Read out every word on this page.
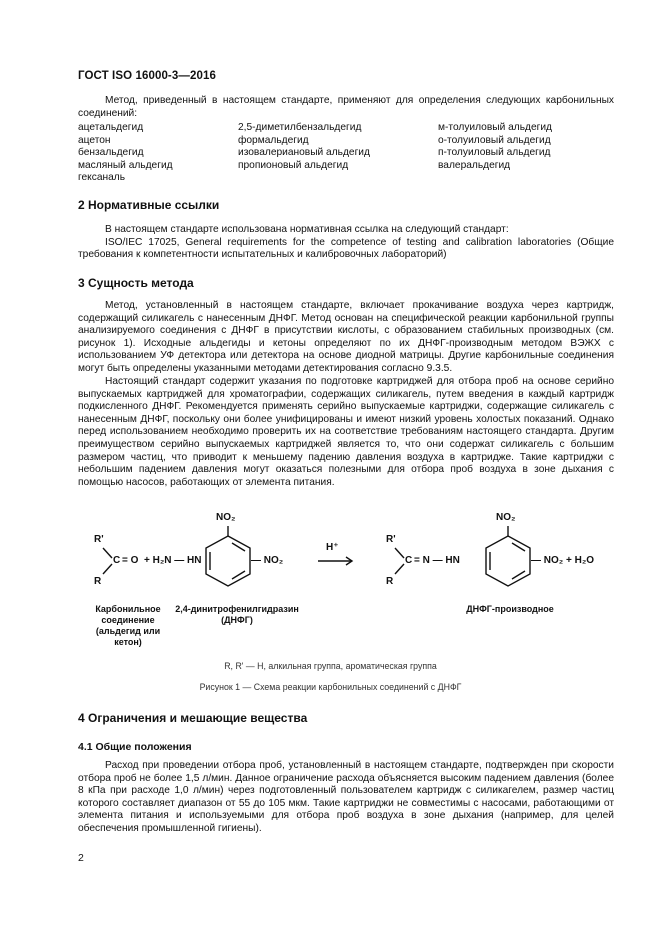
ГОСТ ISO 16000-3—2016
Метод, приведенный в настоящем стандарте, применяют для определения следующих карбонильных соединений:
ацетальдегид
ацетон
бензальдегид
масляный альдегид
гексаналь
2,5-диметилбензальдегид
формальдегид
изовалериановый альдегид
пропионовый альдегид
м-толуиловый альдегид
о-толуиловый альдегид
п-толуиловый альдегид
валеральдегид
2 Нормативные ссылки
В настоящем стандарте использована нормативная ссылка на следующий стандарт:
ISO/IEC 17025, General requirements for the competence of testing and calibration laboratories (Общие требования к компетентности испытательных и калибровочных лабораторий)
3 Сущность метода
Метод, установленный в настоящем стандарте, включает прокачивание воздуха через картридж, содержащий силикагель с нанесенным ДНФГ. Метод основан на специфической реакции карбонильной группы анализируемого соединения с ДНФГ в присутствии кислоты, с образованием стабильных производных (см. рисунок 1). Исходные альдегиды и кетоны определяют по их ДНФГ-производным методом ВЭЖХ с использованием УФ детектора или детектора на основе диодной матрицы. Другие карбонильные соединения могут быть определены указанными методами детектирования согласно 9.3.5.
Настоящий стандарт содержит указания по подготовке картриджей для отбора проб на основе серийно выпускаемых картриджей для хроматографии, содержащих силикагель, путем введения в каждый картридж подкисленного ДНФГ. Рекомендуется применять серийно выпускаемые картриджи, содержащие силикагель с нанесенным ДНФГ, поскольку они более унифицированы и имеют низкий уровень холостых показаний. Однако перед использованием необходимо проверить их на соответствие требованиям настоящего стандарта. Другим преимуществом серийно выпускаемых картриджей является то, что они содержат силикагель с большим размером частиц, что приводит к меньшему падению давления воздуха в картридже. Такие картриджи с небольшим падением давления могут оказаться полезными для отбора проб воздуха в зоне дыхания с помощью насосов, работающих от элемента питания.
R'
R
C = O + H₂N — HN
NO₂
— NO₂
H⁺
R'
R
C = N — HN
NO₂
— NO₂ + H₂O
Карбонильное соединение (альдегид или кетон)
2,4-динитрофенилгидразин (ДНФГ)
ДНФГ-производное
R, R' — H, алкильная группа, ароматическая группа
Рисунок 1 — Схема реакции карбонильных соединений с ДНФГ
4 Ограничения и мешающие вещества
4.1 Общие положения
Расход при проведении отбора проб, установленный в настоящем стандарте, подтвержден при скорости отбора проб не более 1,5 л/мин. Данное ограничение расхода объясняется высоким падением давления (более 8 кПа при расходе 1,0 л/мин) через подготовленный пользователем картридж с силикагелем, размер частиц которого составляет диапазон от 55 до 105 мкм. Такие картриджи не совместимы с насосами, работающими от элемента питания и используемыми для отбора проб воздуха в зоне дыхания (например, для целей обеспечения промышленной гигиены).
2
